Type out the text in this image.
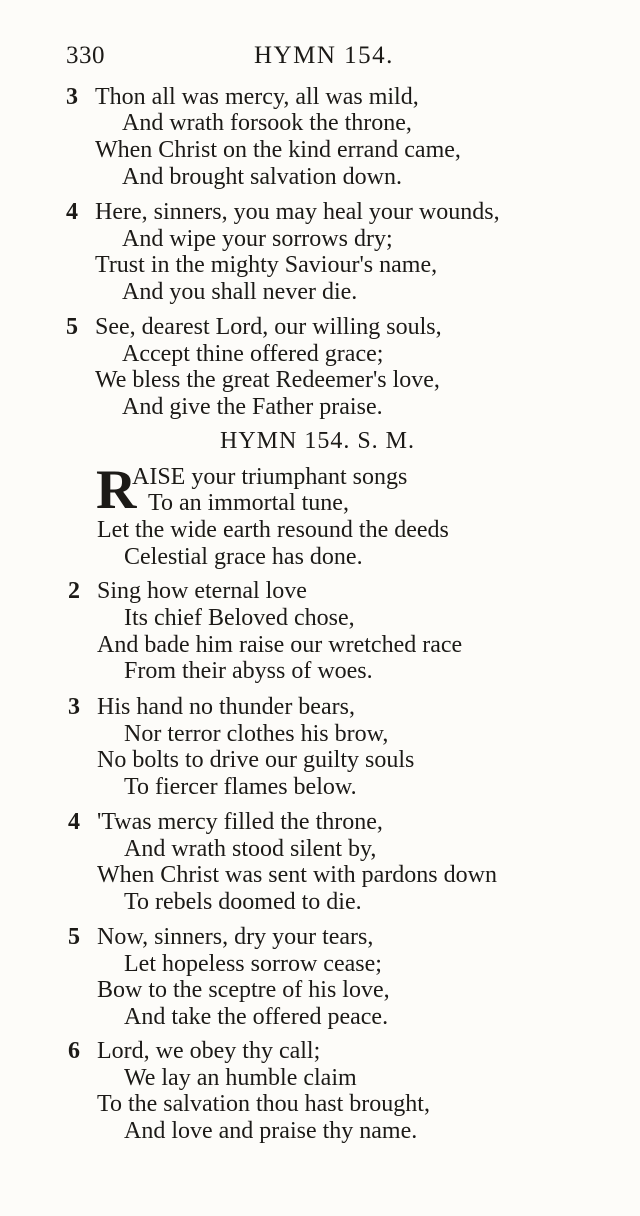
330	HYMN 154.
3 Thon all was mercy, all was mild,
And wrath forsook the throne,
When Christ on the kind errand came,
And brought salvation down.
4 Here, sinners, you may heal your wounds,
And wipe your sorrows dry;
Trust in the mighty Saviour's name,
And you shall never die.
5 See, dearest Lord, our willing souls,
Accept thine offered grace;
We bless the great Redeemer's love,
And give the Father praise.
HYMN 154. S. M.
R
AISE your triumphant songs
To an immortal tune,
Let the wide earth resound the deeds
Celestial grace has done.
2 Sing how eternal love
Its chief Beloved chose,
And bade him raise our wretched race
From their abyss of woes.
3 His hand no thunder bears,
Nor terror clothes his brow,
No bolts to drive our guilty souls
To fiercer flames below.
4 'Twas mercy filled the throne,
And wrath stood silent by,
When Christ was sent with pardons down
To rebels doomed to die.
5 Now, sinners, dry your tears,
Let hopeless sorrow cease;
Bow to the sceptre of his love,
And take the offered peace.
6 Lord, we obey thy call;
We lay an humble claim
To the salvation thou hast brought,
And love and praise thy name.
